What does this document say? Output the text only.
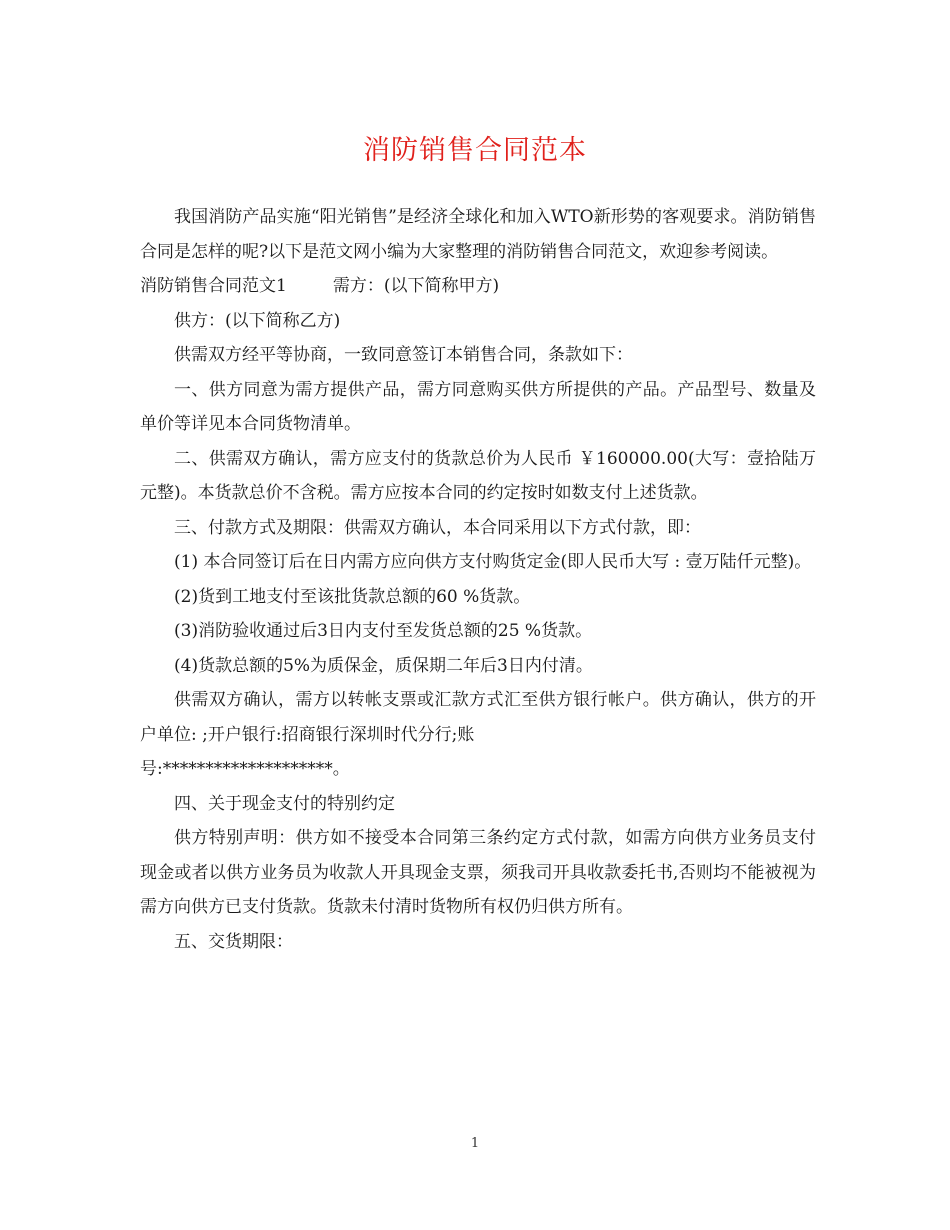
消防销售合同范本

我国消防产品实施“阳光销售”是经济全球化和加入WTO新形势的客观要求。消防销售合同是怎样的呢?以下是范文网小编为大家整理的消防销售合同范文，欢迎参考阅读。

消防销售合同范文1	需方：(以下简称甲方)

供方：(以下简称乙方)

供需双方经平等协商，一致同意签订本销售合同，条款如下：

一、供方同意为需方提供产品，需方同意购买供方所提供的产品。产品型号、数量及单价等详见本合同货物清单。

二、供需双方确认，需方应支付的货款总价为人民币 ￥160000.00(大写：壹拾陆万元整)。本货款总价不含税。需方应按本合同的约定按时如数支付上述货款。

三、付款方式及期限：供需双方确认，本合同采用以下方式付款，即：

(1) 本合同签订后在日内需方应向供方支付购货定金(即人民币大写 : 壹万陆仟元整)。

(2)货到工地支付至该批货款总额的60 %货款。

(3)消防验收通过后3日内支付至发货总额的25 %货款。

(4)货款总额的5%为质保金，质保期二年后3日内付清。

供需双方确认，需方以转帐支票或汇款方式汇至供方银行帐户。供方确认，供方的开户单位: ;开户银行:招商银行深圳时代分行;账

号:********************。

四、关于现金支付的特别约定

供方特别声明：供方如不接受本合同第三条约定方式付款，如需方向供方业务员支付现金或者以供方业务员为收款人开具现金支票，须我司开具收款委托书,否则均不能被视为需方向供方已支付货款。货款未付清时货物所有权仍归供方所有。

五、交货期限：

1
